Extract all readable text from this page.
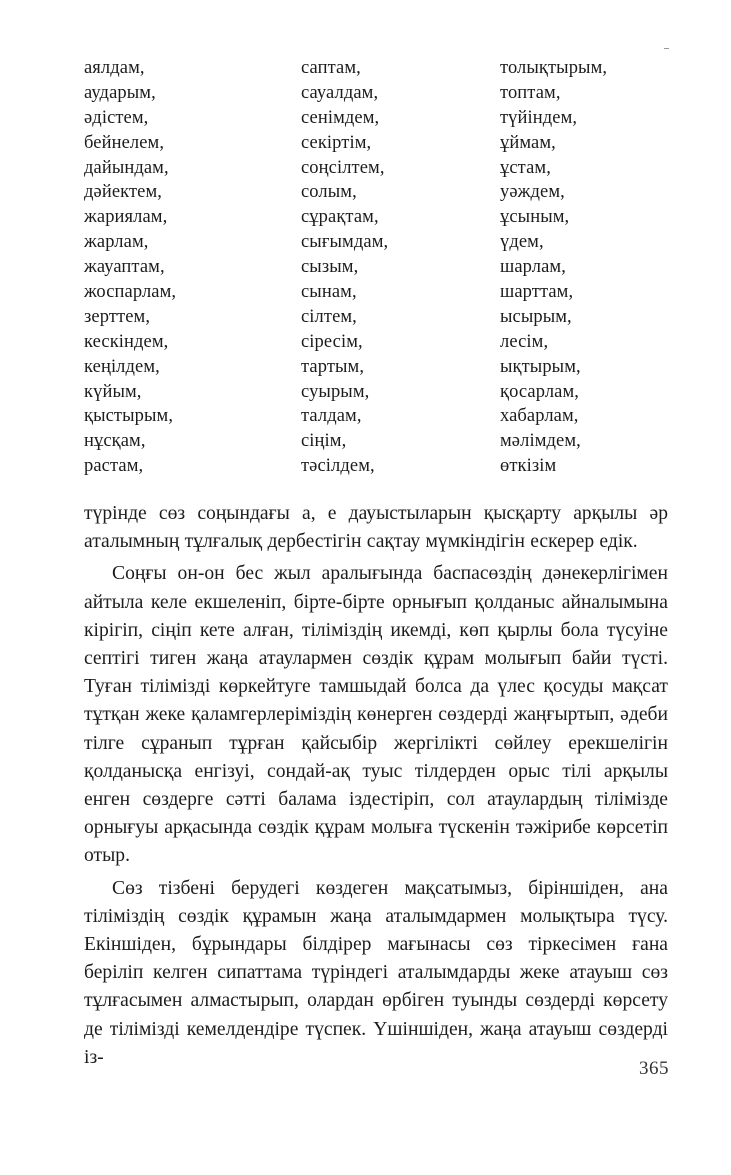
аялдам,
аударым,
әдістем,
бейнелем,
дайындам,
дәйектем,
жариялам,
жарлам,
жауаптам,
жоспарлам,
зерттем,
кескіндем,
кеңілдем,
күйым,
қыстырым,
нұсқам,
растам,
саптам,
сауалдам,
сенімдем,
секіртім,
соңсілтем,
солым,
сұрақтам,
сығымдам,
сызым,
сынам,
сілтем,
сіресім,
тартым,
суырым,
талдам,
сіңім,
тәсілдем,
толықтырым,
топтам,
түйіндем,
ұймам,
ұстам,
уәждем,
ұсыным,
үдем,
шарлам,
шарттам,
ысырым,
лесім,
ықтырым,
қосарлам,
хабарлам,
мәлімдем,
өткізім

түрінде сөз соңындағы а, е дауыстыларын қысқарту арқылы әр аталымның тұлғалық дербестігін сақтау мүмкіндігін ескерер едік.

Соңғы он-он бес жыл аралығында баспасөздің дәнекерлігімен айтыла келе екшеленіп, бірте-бірте орнығып қолданыс айналымына кірігіп, сіңіп кете алған, тіліміздің икемді, көп қырлы бола түсуіне септігі тиген жаңа атаулармен сөздік құрам молығып байи түсті. Туған тілімізді көркейтуге тамшыдай болса да үлес қосуды мақсат тұтқан жеке қаламгерлеріміздің көнерген сөздерді жаңғыртып, әдеби тілге сұранып тұрған қайсыбір жергілікті сөйлеу ерекшелігін қолданысқа енгізуі, сондай-ақ туыс тілдерден орыс тілі арқылы енген сөздерге сәтті балама іздестіріп, сол атаулардың тілімізде орнығуы арқасында сөздік құрам молыға түскенін тәжірибе көрсетіп отыр.

Сөз тізбені берудегі көздеген мақсатымыз, біріншіден, ана тіліміздің сөздік құрамын жаңа аталымдармен молықтыра түсу. Екіншіден, бұрындары білдірер мағынасы сөз тіркесімен ғана беріліп келген сипаттама түріндегі аталымдарды жеке атауыш сөз тұлғасымен алмастырып, олардан өрбіген туынды сөздерді көрсету де тілімізді кемелдендіре түспек. Үшіншіден, жаңа атауыш сөздерді із-

365
